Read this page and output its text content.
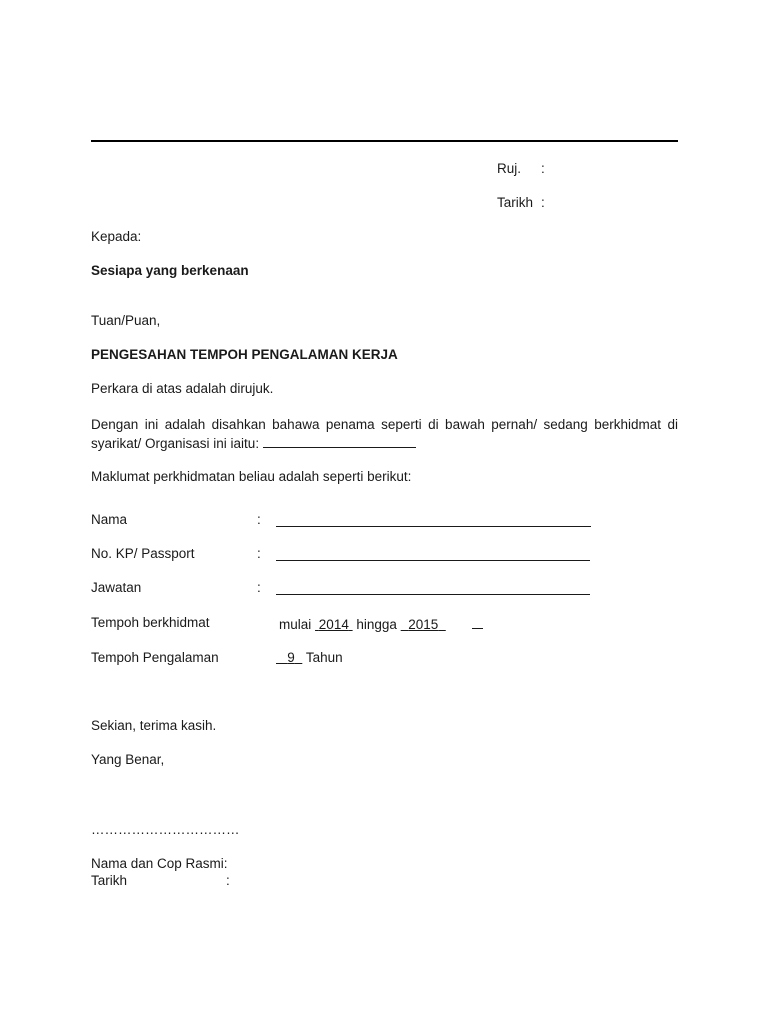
Ruj. :
Tarikh :
Kepada:
Sesiapa yang berkenaan
Tuan/Puan,
PENGESAHAN TEMPOH PENGALAMAN KERJA
Perkara di atas adalah dirujuk.
Dengan ini adalah disahkan bahawa penama seperti di bawah pernah/ sedang berkhidmat di syarikat/ Organisasi ini iaitu:
Maklumat perkhidmatan beliau adalah seperti berikut:
Nama	:
No. KP/ Passport	:
Jawatan	:
Tempoh berkhidmat	mulai 2014 hingga 2015
Tempoh Pengalaman	9 Tahun
Sekian, terima kasih.
Yang Benar,
……………………………
Nama dan Cop Rasmi:
Tarikh	:
